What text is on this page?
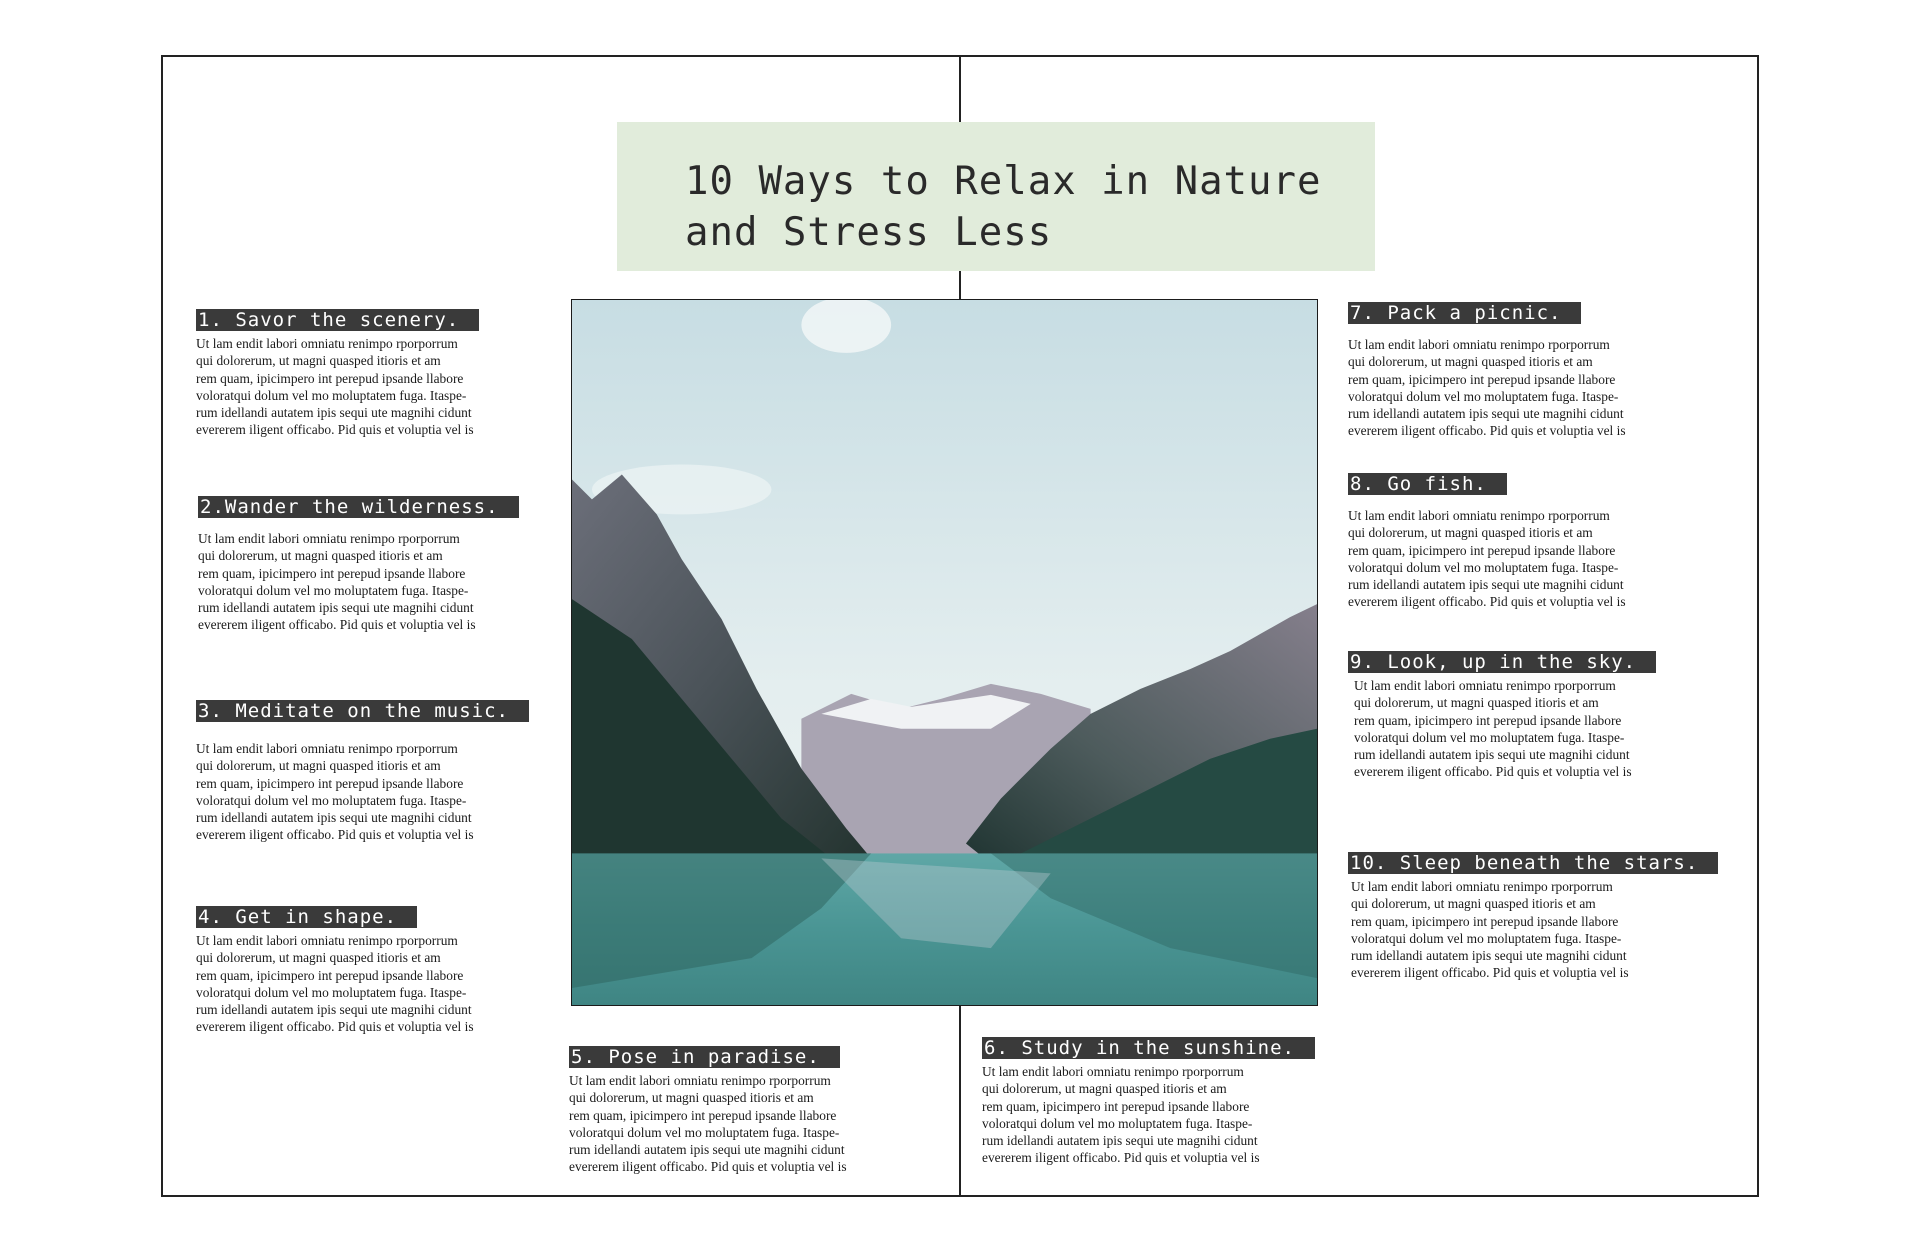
10 Ways to Relax in Nature
and Stress Less
1. Savor the scenery.
Ut lam endit labori omniatu renimpo rporporrum
qui dolorerum, ut magni quasped itioris et am
rem quam, ipicimpero int perepud ipsande llabore
voloratqui dolum vel mo moluptatem fuga. Itaspe-
rum idellandi autatem ipis sequi ute magnihi cidunt
evererem iligent officabo. Pid quis et voluptia vel is
2.Wander the wilderness.
Ut lam endit labori omniatu renimpo rporporrum
qui dolorerum, ut magni quasped itioris et am
rem quam, ipicimpero int perepud ipsande llabore
voloratqui dolum vel mo moluptatem fuga. Itaspe-
rum idellandi autatem ipis sequi ute magnihi cidunt
evererem iligent officabo. Pid quis et voluptia vel is
3. Meditate on the music.
Ut lam endit labori omniatu renimpo rporporrum
qui dolorerum, ut magni quasped itioris et am
rem quam, ipicimpero int perepud ipsande llabore
voloratqui dolum vel mo moluptatem fuga. Itaspe-
rum idellandi autatem ipis sequi ute magnihi cidunt
evererem iligent officabo. Pid quis et voluptia vel is
4. Get in shape.
Ut lam endit labori omniatu renimpo rporporrum
qui dolorerum, ut magni quasped itioris et am
rem quam, ipicimpero int perepud ipsande llabore
voloratqui dolum vel mo moluptatem fuga. Itaspe-
rum idellandi autatem ipis sequi ute magnihi cidunt
evererem iligent officabo. Pid quis et voluptia vel is
5. Pose in paradise.
Ut lam endit labori omniatu renimpo rporporrum
qui dolorerum, ut magni quasped itioris et am
rem quam, ipicimpero int perepud ipsande llabore
voloratqui dolum vel mo moluptatem fuga. Itaspe-
rum idellandi autatem ipis sequi ute magnihi cidunt
evererem iligent officabo. Pid quis et voluptia vel is
6. Study in the sunshine.
Ut lam endit labori omniatu renimpo rporporrum
qui dolorerum, ut magni quasped itioris et am
rem quam, ipicimpero int perepud ipsande llabore
voloratqui dolum vel mo moluptatem fuga. Itaspe-
rum idellandi autatem ipis sequi ute magnihi cidunt
evererem iligent officabo. Pid quis et voluptia vel is
7. Pack a picnic.
Ut lam endit labori omniatu renimpo rporporrum
qui dolorerum, ut magni quasped itioris et am
rem quam, ipicimpero int perepud ipsande llabore
voloratqui dolum vel mo moluptatem fuga. Itaspe-
rum idellandi autatem ipis sequi ute magnihi cidunt
evererem iligent officabo. Pid quis et voluptia vel is
8. Go fish.
Ut lam endit labori omniatu renimpo rporporrum
qui dolorerum, ut magni quasped itioris et am
rem quam, ipicimpero int perepud ipsande llabore
voloratqui dolum vel mo moluptatem fuga. Itaspe-
rum idellandi autatem ipis sequi ute magnihi cidunt
evererem iligent officabo. Pid quis et voluptia vel is
9. Look, up in the sky.
Ut lam endit labori omniatu renimpo rporporrum
qui dolorerum, ut magni quasped itioris et am
rem quam, ipicimpero int perepud ipsande llabore
voloratqui dolum vel mo moluptatem fuga. Itaspe-
rum idellandi autatem ipis sequi ute magnihi cidunt
evererem iligent officabo. Pid quis et voluptia vel is
10. Sleep beneath the stars.
Ut lam endit labori omniatu renimpo rporporrum
qui dolorerum, ut magni quasped itioris et am
rem quam, ipicimpero int perepud ipsande llabore
voloratqui dolum vel mo moluptatem fuga. Itaspe-
rum idellandi autatem ipis sequi ute magnihi cidunt
evererem iligent officabo. Pid quis et voluptia vel is
